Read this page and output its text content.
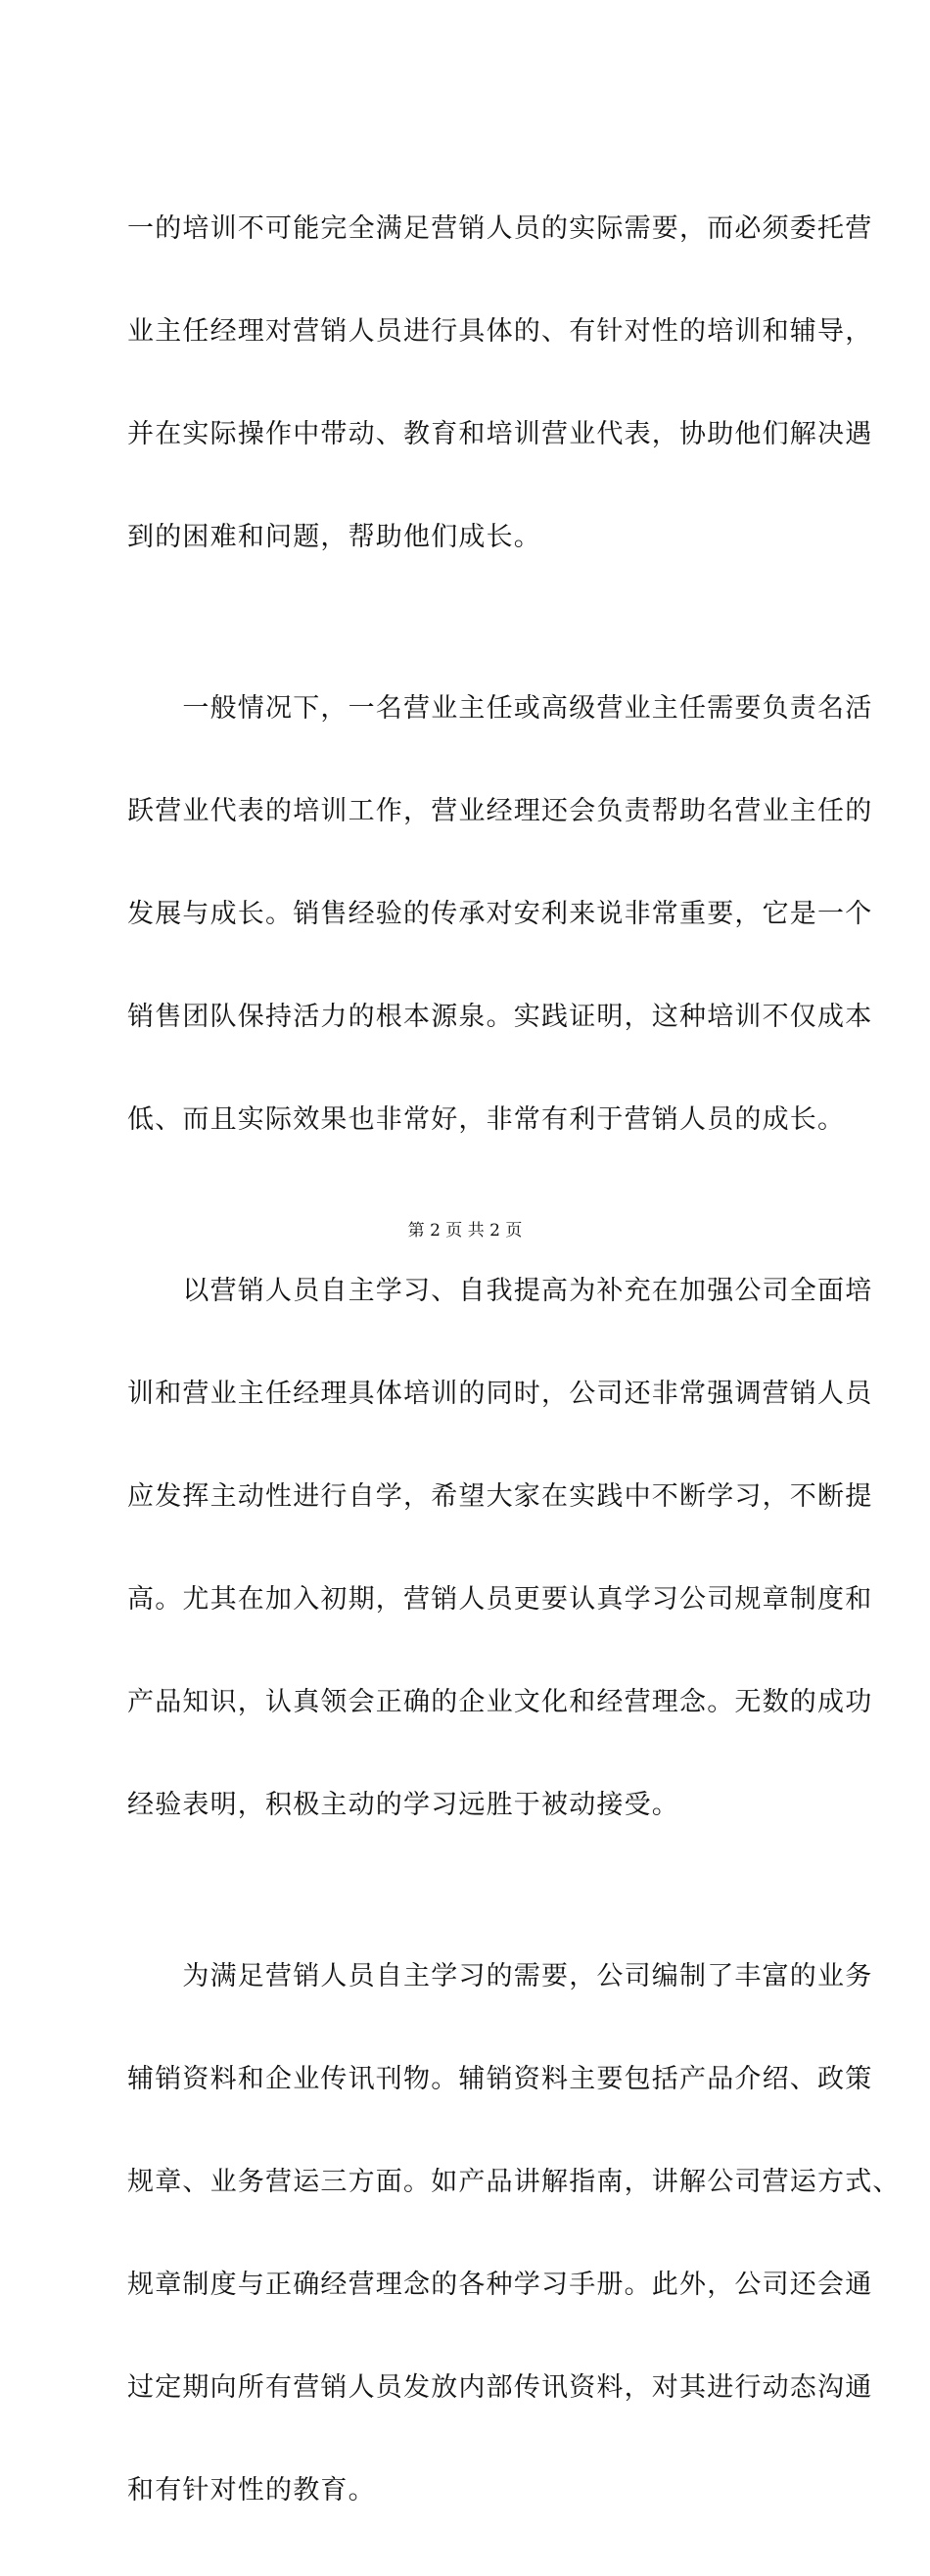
一的培训不可能完全满足营销人员的实际需要，而必须委托营

业主任经理对营销人员进行具体的、有针对性的培训和辅导，

并在实际操作中带动、教育和培训营业代表，协助他们解决遇

到的困难和问题，帮助他们成长。

　　一般情况下，一名营业主任或高级营业主任需要负责名活

跃营业代表的培训工作，营业经理还会负责帮助名营业主任的

发展与成长。销售经验的传承对安利来说非常重要，它是一个

销售团队保持活力的根本源泉。实践证明，这种培训不仅成本

低、而且实际效果也非常好，非常有利于营销人员的成长。

　　以营销人员自主学习、自我提高为补充在加强公司全面培

训和营业主任经理具体培训的同时，公司还非常强调营销人员

应发挥主动性进行自学，希望大家在实践中不断学习，不断提

高。尤其在加入初期，营销人员更要认真学习公司规章制度和

产品知识，认真领会正确的企业文化和经营理念。无数的成功

经验表明，积极主动的学习远胜于被动接受。

　　为满足营销人员自主学习的需要，公司编制了丰富的业务

辅销资料和企业传讯刊物。辅销资料主要包括产品介绍、政策

规章、业务营运三方面。如产品讲解指南，讲解公司营运方式、

规章制度与正确经营理念的各种学习手册。此外，公司还会通

过定期向所有营销人员发放内部传讯资料，对其进行动态沟通

和有针对性的教育。

第 2 页 共 2 页
